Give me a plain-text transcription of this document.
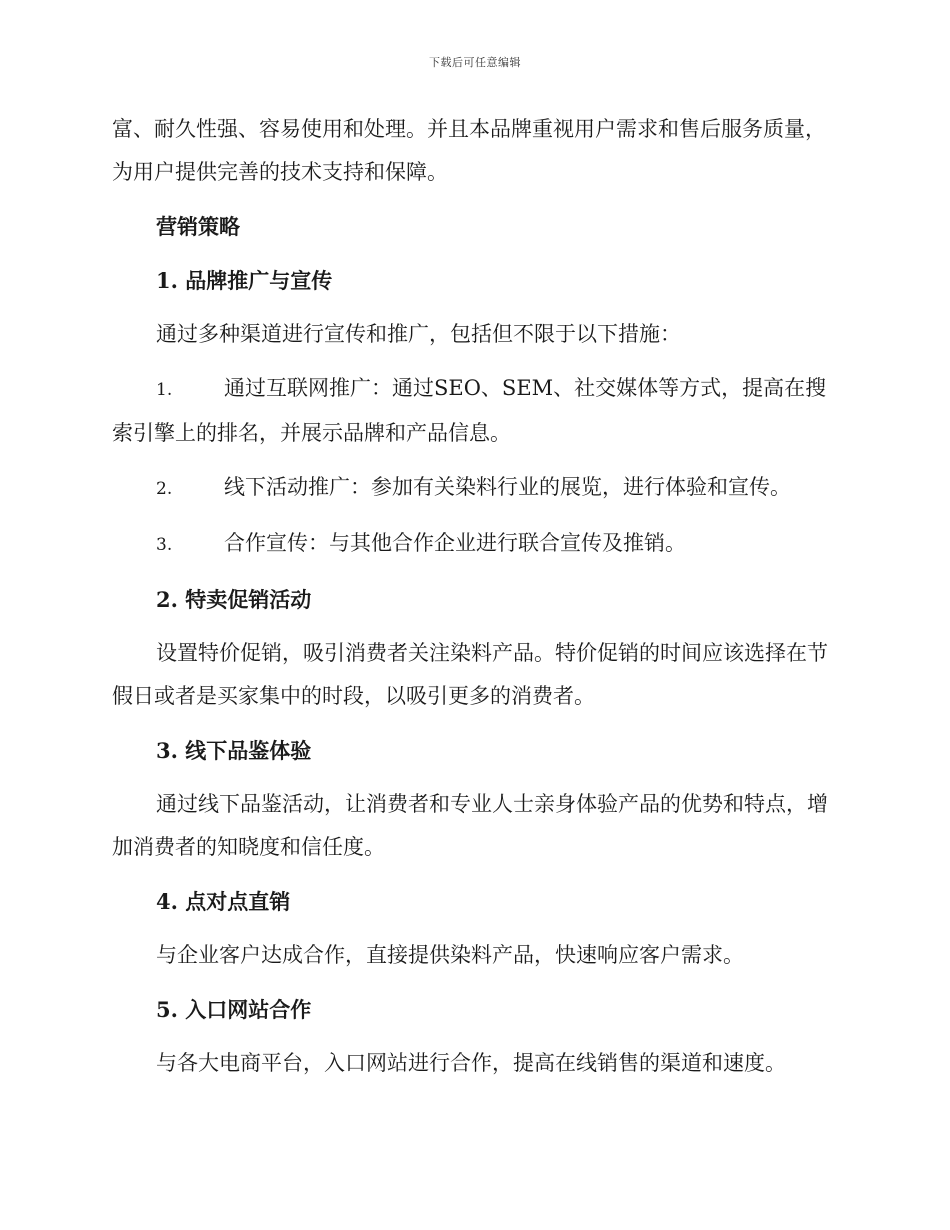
下载后可任意编辑

富、耐久性强、容易使用和处理。并且本品牌重视用户需求和售后服务质量，为用户提供完善的技术支持和保障。

营销策略

1. 品牌推广与宣传

通过多种渠道进行宣传和推广，包括但不限于以下措施：

1. 通过互联网推广：通过SEO、SEM、社交媒体等方式，提高在搜索引擎上的排名，并展示品牌和产品信息。

2. 线下活动推广：参加有关染料行业的展览，进行体验和宣传。

3. 合作宣传：与其他合作企业进行联合宣传及推销。

2. 特卖促销活动

设置特价促销，吸引消费者关注染料产品。特价促销的时间应该选择在节假日或者是买家集中的时段，以吸引更多的消费者。

3. 线下品鉴体验

通过线下品鉴活动，让消费者和专业人士亲身体验产品的优势和特点，增加消费者的知晓度和信任度。

4. 点对点直销

与企业客户达成合作，直接提供染料产品，快速响应客户需求。

5. 入口网站合作

与各大电商平台，入口网站进行合作，提高在线销售的渠道和速度。
